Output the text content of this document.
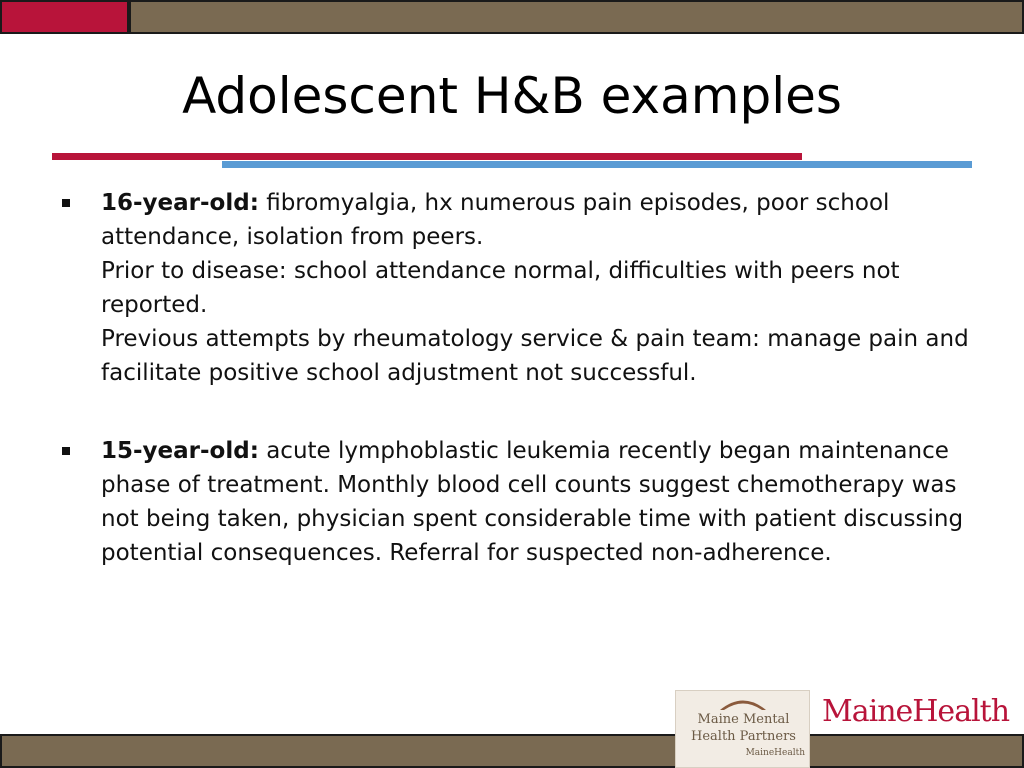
Adolescent H&B examples
16-year-old: fibromyalgia, hx numerous pain episodes, poor school attendance, isolation from peers.
Prior to disease: school attendance normal, difficulties with peers not reported.
Previous attempts by rheumatology service & pain team: manage pain and facilitate positive school adjustment not successful.
15-year-old: acute lymphoblastic leukemia recently began maintenance phase of treatment. Monthly blood cell counts suggest chemotherapy was not being taken, physician spent considerable time with patient discussing potential consequences. Referral for suspected non-adherence.
Maine Mental
Health Partners
MaineHealth
MaineHealth
